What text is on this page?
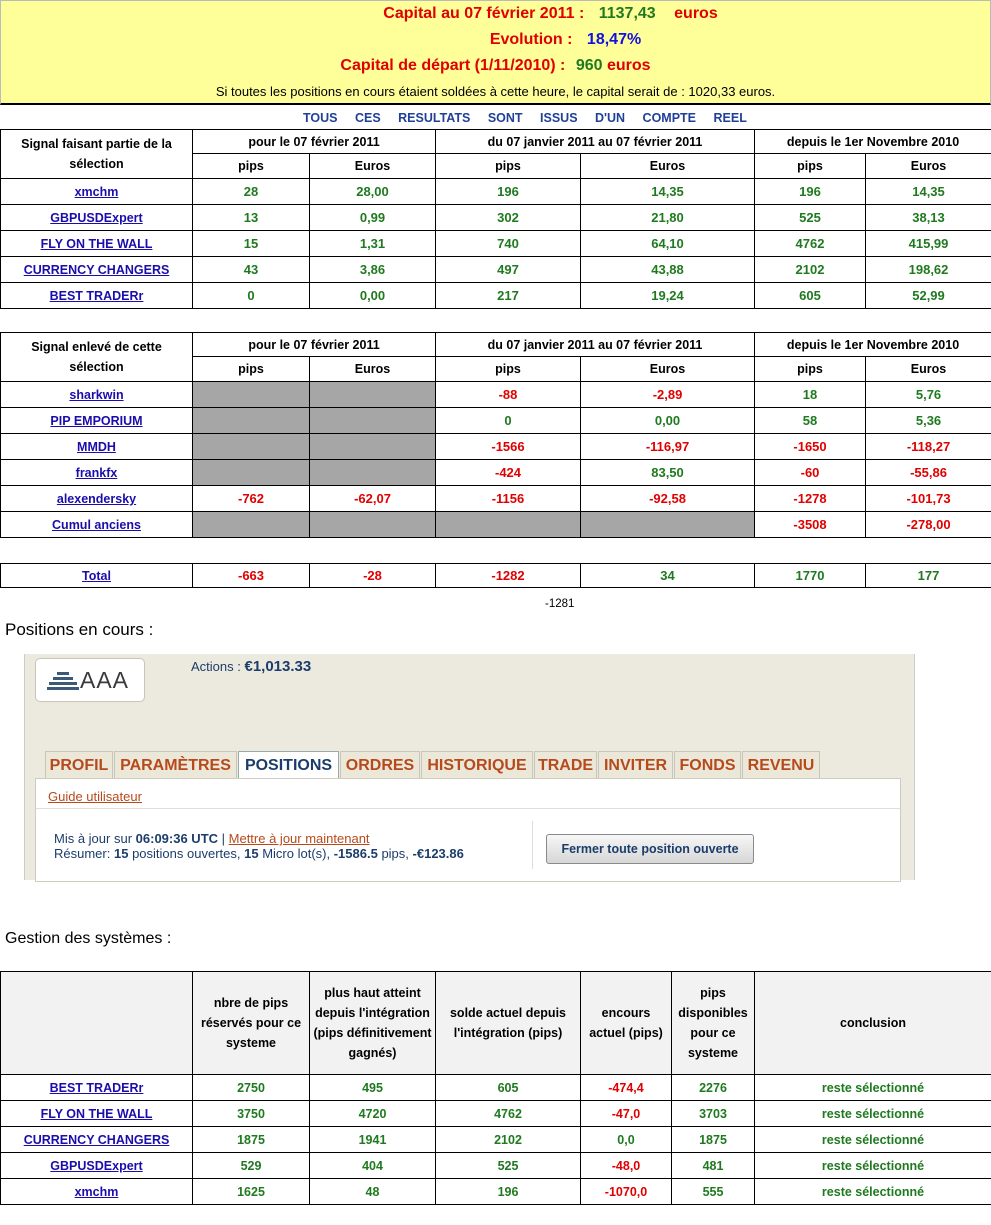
Capital au 07 février 2011 : 1137,43 euros
Evolution : 18,47%
Capital de départ (1/11/2010) : 960 euros
Si toutes les positions en cours étaient soldées à cette heure, le capital serait de : 1020,33 euros.
TOUS CES RESULTATS SONT ISSUS D'UN COMPTE REEL
Signal faisant partie de la sélection	pour le 07 février 2011		du 07 janvier 2011 au 07 février 2011		depuis le 1er Novembre 2010	
	pips	Euros	pips	Euros	pips	Euros
xmchm	28	28,00	196	14,35	196	14,35
GBPUSDExpert	13	0,99	302	21,80	525	38,13
FLY ON THE WALL	15	1,31	740	64,10	4762	415,99
CURRENCY CHANGERS	43	3,86	497	43,88	2102	198,62
BEST TRADERr	0	0,00	217	19,24	605	52,99
Signal enlevé de cette sélection	pour le 07 février 2011		du 07 janvier 2011 au 07 février 2011		depuis le 1er Novembre 2010	
	pips	Euros	pips	Euros	pips	Euros
sharkwin			-88	-2,89	18	5,76
PIP EMPORIUM			0	0,00	58	5,36
MMDH			-1566	-116,97	-1650	-118,27
frankfx			-424	83,50	-60	-55,86
alexendersky	-762	-62,07	-1156	-92,58	-1278	-101,73
Cumul anciens					-3508	-278,00
Total	-663	-28	-1282	34	1770	177
-1281
Positions en cours :
AAA
Actions : €1,013.33
PROFIL PARAMÈTRES POSITIONS ORDRES HISTORIQUE TRADE INVITER FONDS REVENU
Guide utilisateur
Mis à jour sur 06:09:36 UTC | Mettre à jour maintenant
Résumer: 15 positions ouvertes, 15 Micro lot(s), -1586.5 pips, -€123.86	Fermer toute position ouverte
Gestion des systèmes :
	nbre de pips réservés pour ce systeme	plus haut atteint depuis l'intégration (pips définitivement gagnés)	solde actuel depuis l'intégration (pips)	encours actuel (pips)	pips disponibles pour ce systeme	conclusion
BEST TRADERr	2750	495	605	-474,4	2276	reste sélectionné
FLY ON THE WALL	3750	4720	4762	-47,0	3703	reste sélectionné
CURRENCY CHANGERS	1875	1941	2102	0,0	1875	reste sélectionné
GBPUSDExpert	529	404	525	-48,0	481	reste sélectionné
xmchm	1625	48	196	-1070,0	555	reste sélectionné
